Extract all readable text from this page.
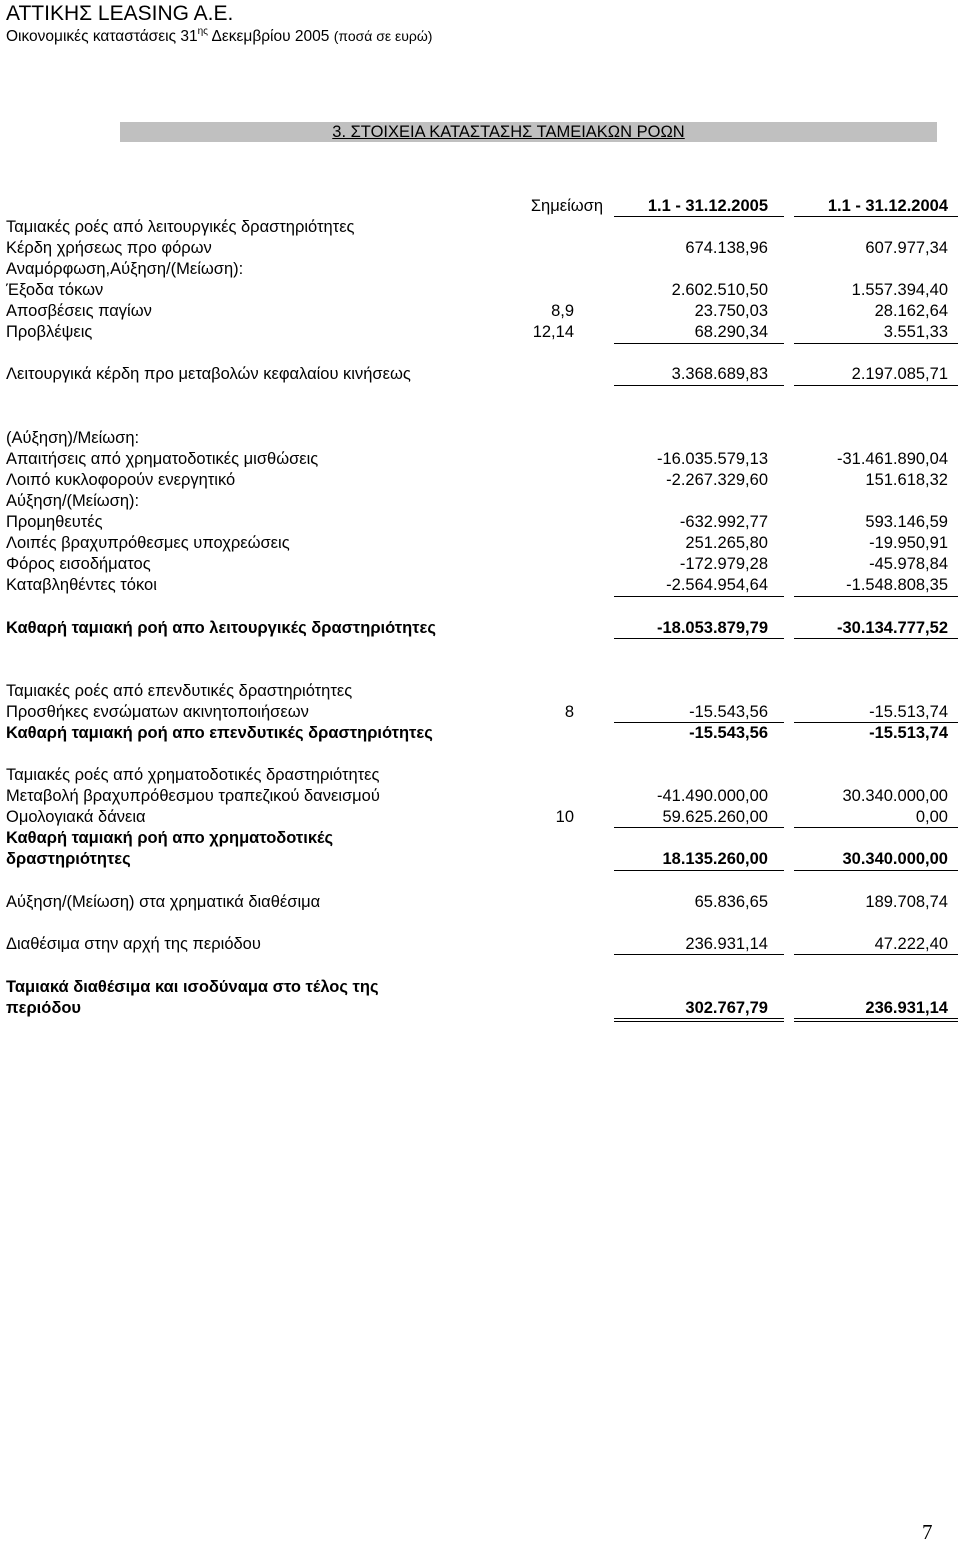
ΑΤΤΙΚΗΣ LEASING A.E.
Οικονομικές καταστάσεις $31^{\eta\varsigma}$ Δεκεμβρίου 2005 (ποσά σε ευρώ)
3. ΣΤΟΙΧΕΙΑ ΚΑΤΑΣΤΑΣΗΣ ΤΑΜΕΙΑΚΩΝ ΡΟΩΝ
Σημείωση	1.1 - 31.12.2005	1.1 - 31.12.2004
Ταμιακές ροές από λειτουργικές δραστηριότητες
Κέρδη χρήσεως προ φόρων	674.138,96	607.977,34
Αναμόρφωση,Αύξηση/(Μείωση):
Έξοδα τόκων	2.602.510,50	1.557.394,40
Αποσβέσεις παγίων	8,9	23.750,03	28.162,64
Προβλέψεις	12,14	68.290,34	3.551,33
Λειτουργικά κέρδη προ μεταβολών κεφαλαίου κινήσεως	3.368.689,83	2.197.085,71
(Αύξηση)/Μείωση:
Απαιτήσεις από χρηματοδοτικές μισθώσεις	-16.035.579,13	-31.461.890,04
Λοιπό κυκλοφορούν ενεργητικό	-2.267.329,60	151.618,32
Αύξηση/(Μείωση):
Προμηθευτές	-632.992,77	593.146,59
Λοιπές βραχυπρόθεσμες υποχρεώσεις	251.265,80	-19.950,91
Φόρος εισοδήματος	-172.979,28	-45.978,84
Καταβληθέντες τόκοι	-2.564.954,64	-1.548.808,35
Καθαρή ταμιακή ροή απο λειτουργικές δραστηριότητες	-18.053.879,79	-30.134.777,52
Ταμιακές ροές από επενδυτικές δραστηριότητες
Προσθήκες ενσώματων ακινητοποιήσεων	8	-15.543,56	-15.513,74
Καθαρή ταμιακή ροή απο επενδυτικές δραστηριότητες	-15.543,56	-15.513,74
Ταμιακές ροές από χρηματοδοτικές δραστηριότητες
Μεταβολή βραχυπρόθεσμου τραπεζικού δανεισμού	-41.490.000,00	30.340.000,00
Ομολογιακά δάνεια	10	59.625.260,00	0,00
Καθαρή ταμιακή ροή απο χρηματοδοτικές
δραστηριότητες	18.135.260,00	30.340.000,00
Αύξηση/(Μείωση) στα χρηματικά διαθέσιμα	65.836,65	189.708,74
Διαθέσιμα στην αρχή της περιόδου	236.931,14	47.222,40
Ταμιακά διαθέσιμα και ισοδύναμα στο τέλος της
περιόδου	302.767,79	236.931,14
7
